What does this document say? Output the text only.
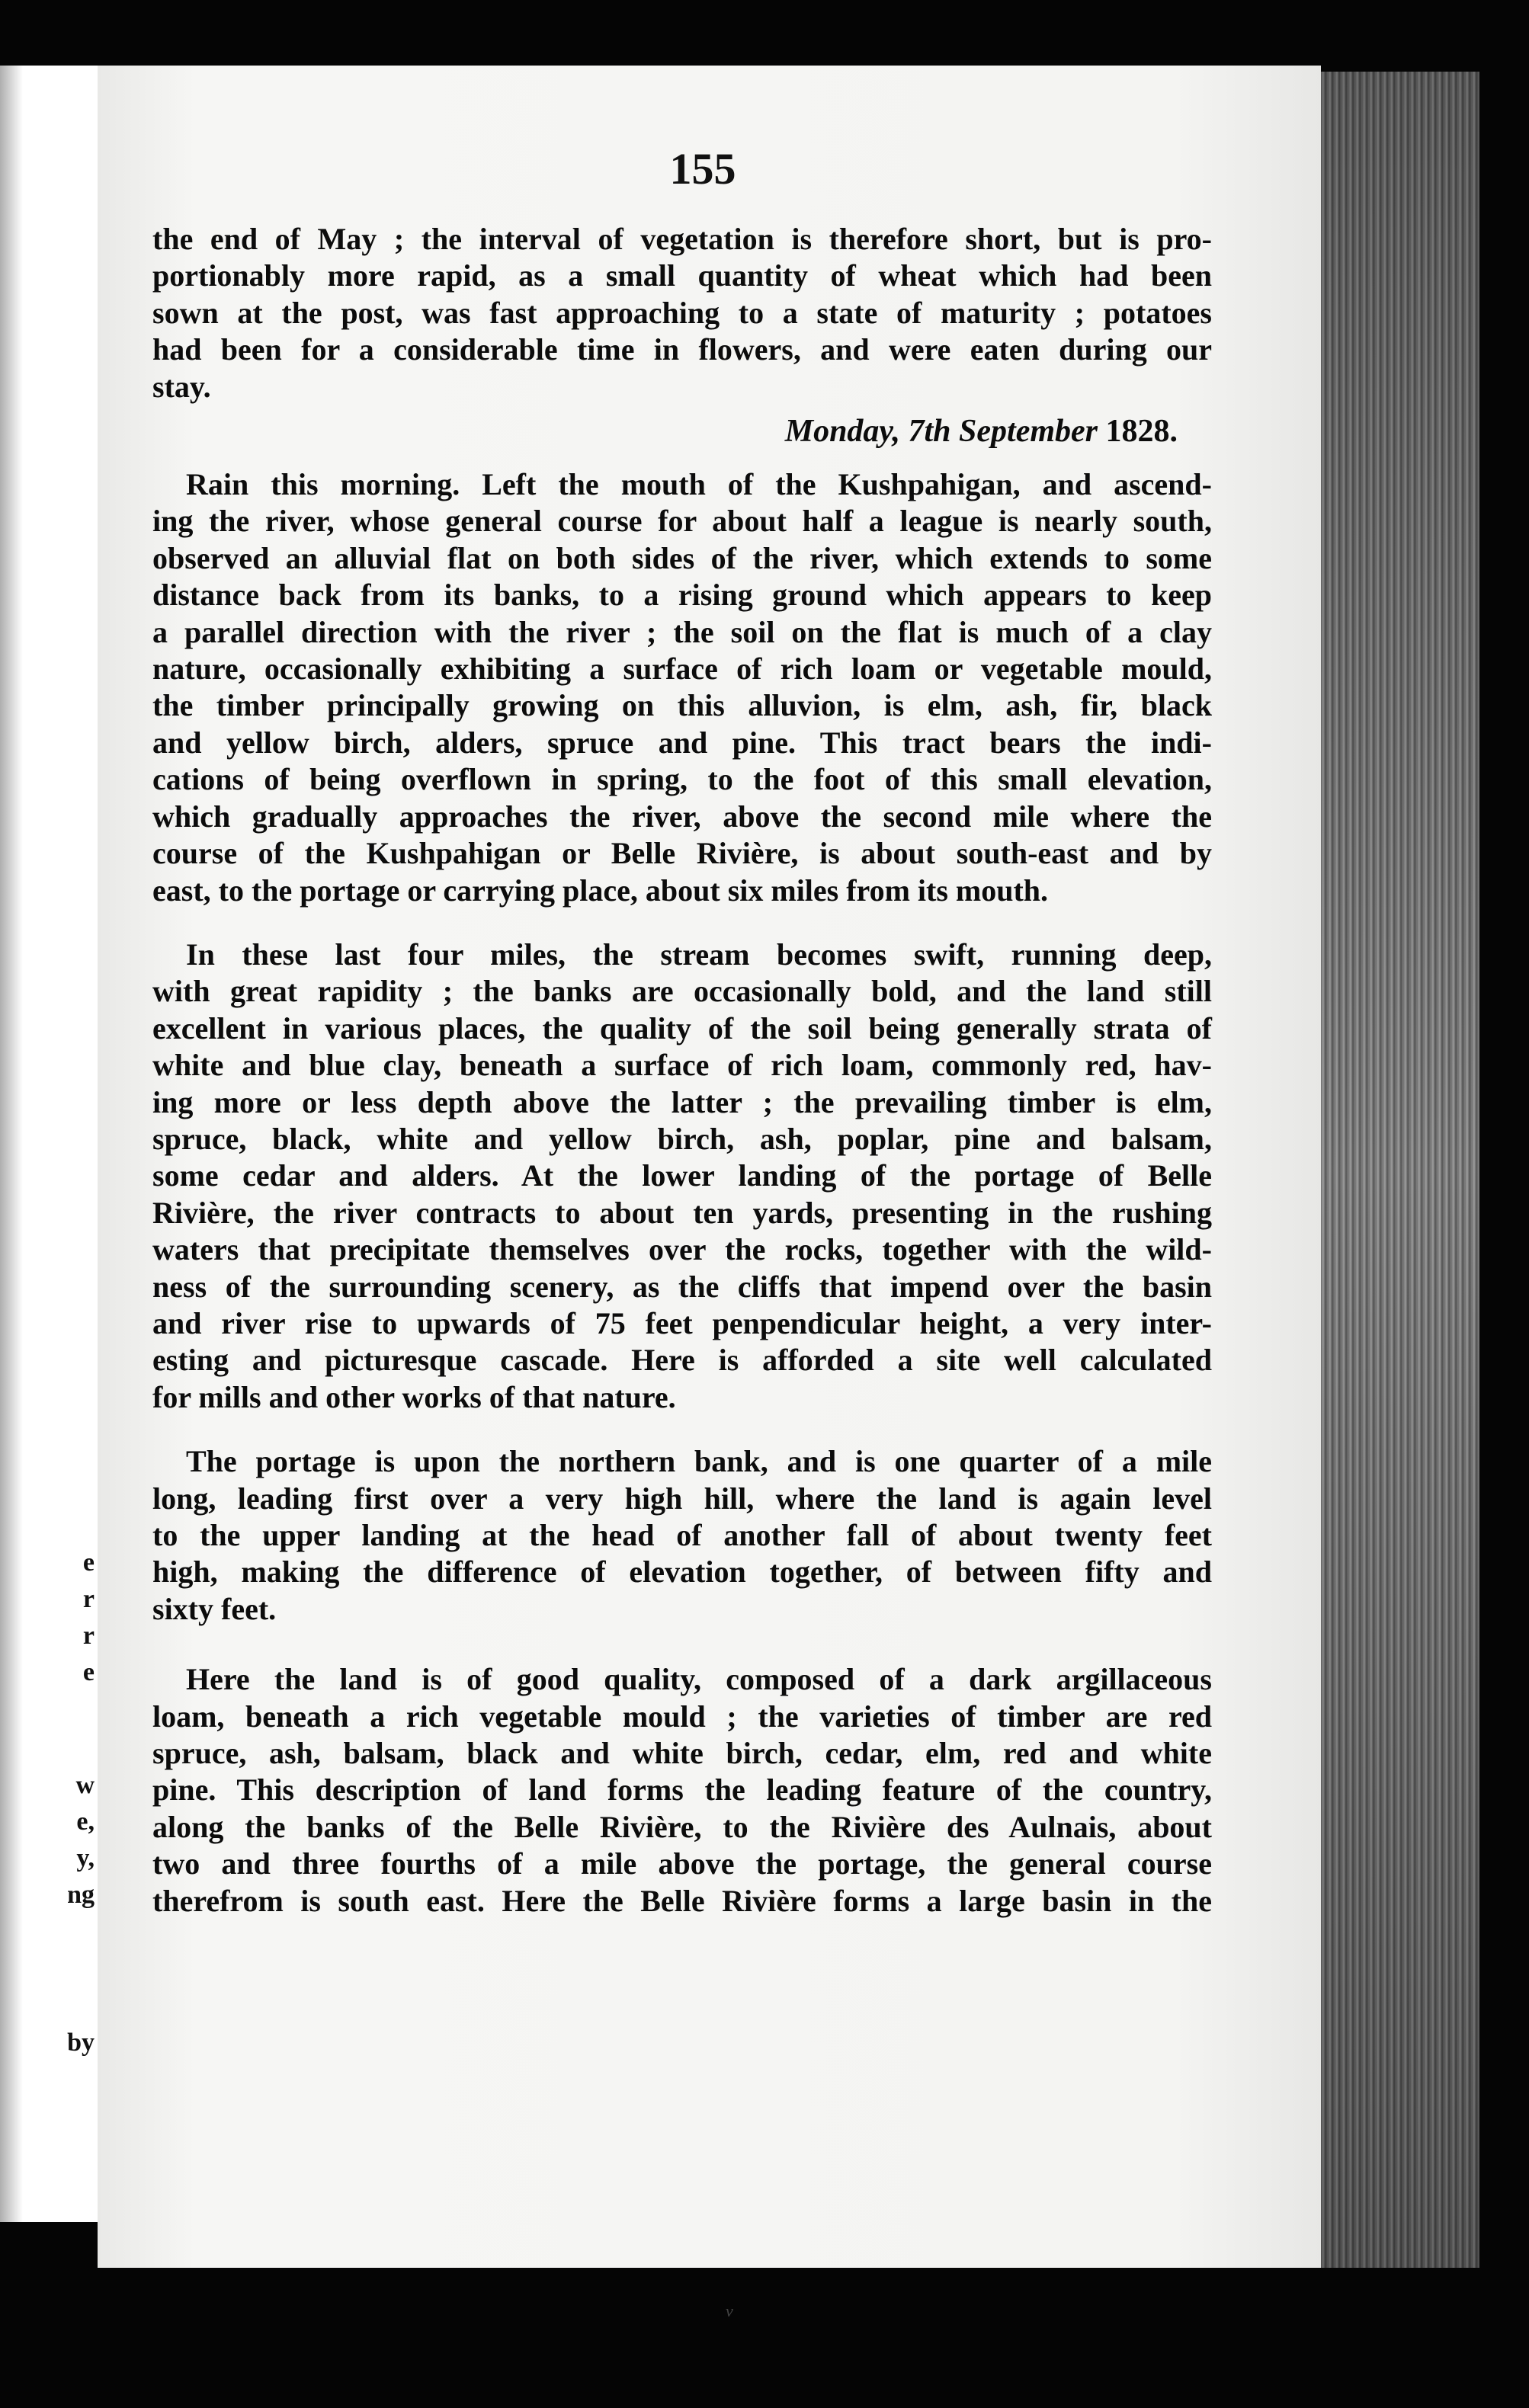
e
r
r
e
w
e,
y,
ng
by
155
the end of May ; the interval of vegetation is therefore short, but is pro-
portionably more rapid, as a small quantity of wheat which had been
sown at the post, was fast approaching to a state of maturity ; potatoes
had been for a considerable time in flowers, and were eaten during our
stay.
Monday, 7th September 1828.
Rain this morning. Left the mouth of the Kushpahigan, and ascend-
ing the river, whose general course for about half a league is nearly south,
observed an alluvial flat on both sides of the river, which extends to some
distance back from its banks, to a rising ground which appears to keep
a parallel direction with the river ; the soil on the flat is much of a clay
nature, occasionally exhibiting a surface of rich loam or vegetable mould,
the timber principally growing on this alluvion, is elm, ash, fir, black
and yellow birch, alders, spruce and pine. This tract bears the indi-
cations of being overflown in spring, to the foot of this small elevation,
which gradually approaches the river, above the second mile where the
course of the Kushpahigan or Belle Rivière, is about south-east and by
east, to the portage or carrying place, about six miles from its mouth.
In these last four miles, the stream becomes swift, running deep,
with great rapidity ; the banks are occasionally bold, and the land still
excellent in various places, the quality of the soil being generally strata of
white and blue clay, beneath a surface of rich loam, commonly red, hav-
ing more or less depth above the latter ; the prevailing timber is elm,
spruce, black, white and yellow birch, ash, poplar, pine and balsam,
some cedar and alders. At the lower landing of the portage of Belle
Rivière, the river contracts to about ten yards, presenting in the rushing
waters that precipitate themselves over the rocks, together with the wild-
ness of the surrounding scenery, as the cliffs that impend over the basin
and river rise to upwards of 75 feet penpendicular height, a very inter-
esting and picturesque cascade. Here is afforded a site well calculated
for mills and other works of that nature.
The portage is upon the northern bank, and is one quarter of a mile
long, leading first over a very high hill, where the land is again level
to the upper landing at the head of another fall of about twenty feet
high, making the difference of elevation together, of between fifty and
sixty feet.
Here the land is of good quality, composed of a dark argillaceous
loam, beneath a rich vegetable mould ; the varieties of timber are red
spruce, ash, balsam, black and white birch, cedar, elm, red and white
pine. This description of land forms the leading feature of the country,
along the banks of the Belle Rivière, to the Rivière des Aulnais, about
two and three fourths of a mile above the portage, the general course
therefrom is south east. Here the Belle Rivière forms a large basin in the
v
